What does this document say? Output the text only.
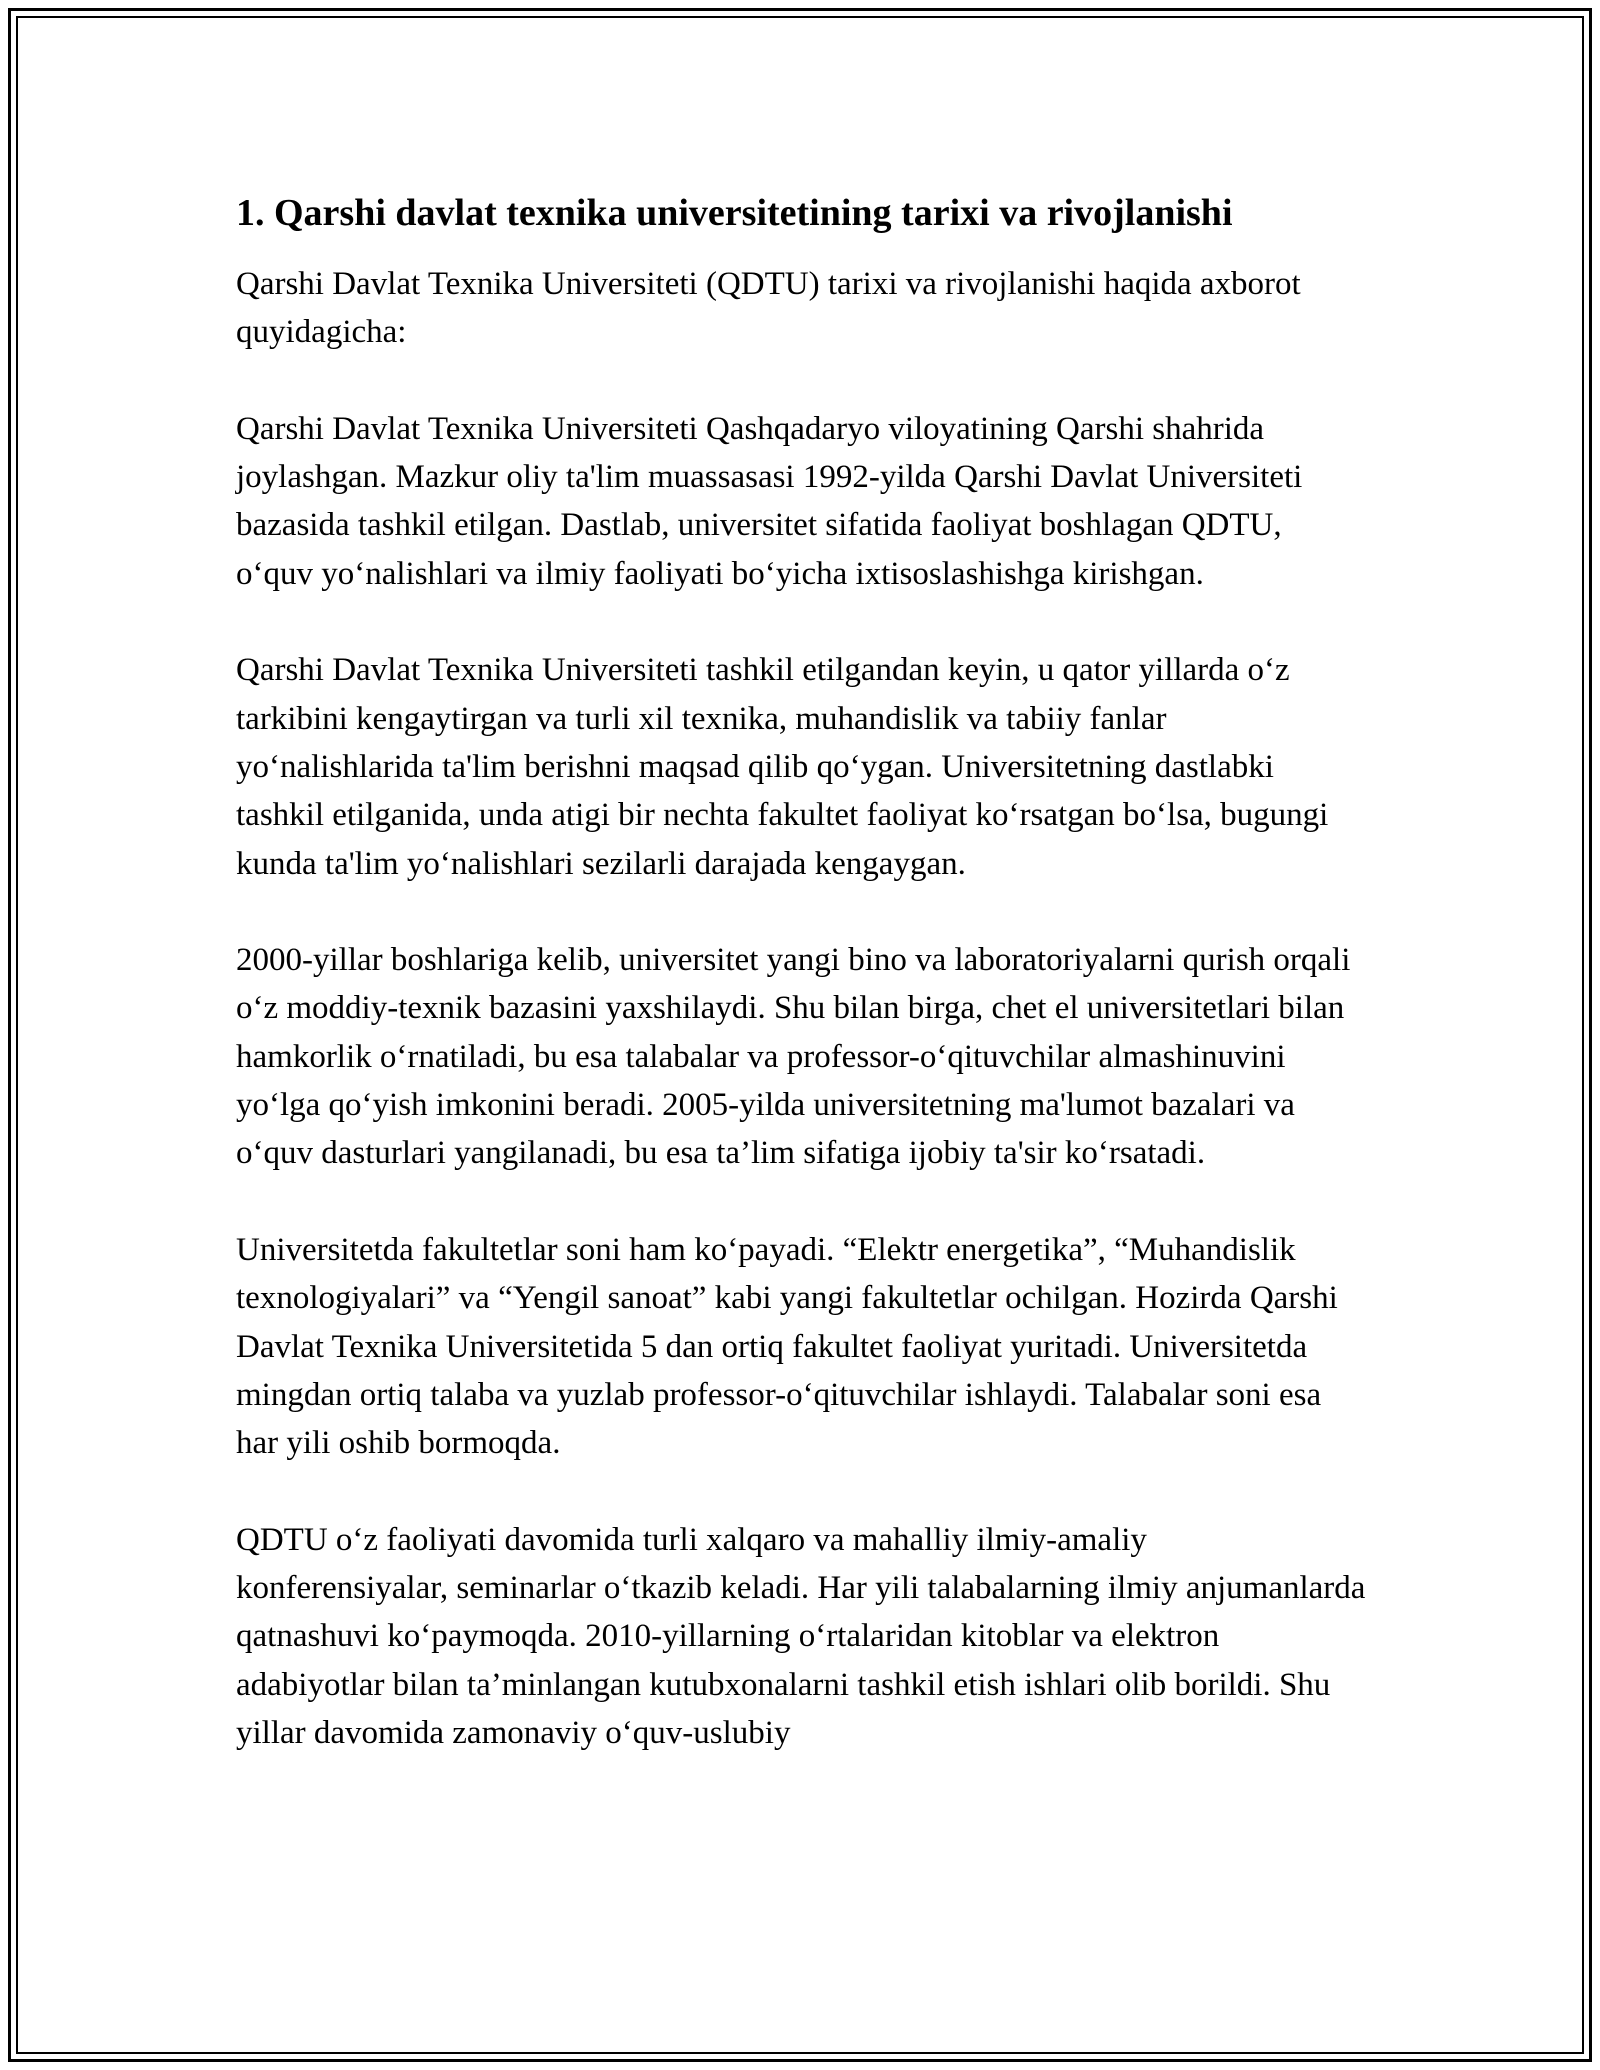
1. Qarshi davlat texnika universitetining tarixi va rivojlanishi

Qarshi Davlat Texnika Universiteti (QDTU) tarixi va rivojlanishi haqida axborot quyidagicha:

Qarshi Davlat Texnika Universiteti Qashqadaryo viloyatining Qarshi shahrida joylashgan. Mazkur oliy ta'lim muassasasi 1992-yilda Qarshi Davlat Universiteti bazasida tashkil etilgan. Dastlab, universitet sifatida faoliyat boshlagan QDTU, oʻquv yoʻnalishlari va ilmiy faoliyati boʻyicha ixtisoslashishga kirishgan.

Qarshi Davlat Texnika Universiteti tashkil etilgandan keyin, u qator yillarda oʻz tarkibini kengaytirgan va turli xil texnika, muhandislik va tabiiy fanlar yoʻnalishlarida ta'lim berishni maqsad qilib qoʻygan. Universitetning dastlabki tashkil etilganida, unda atigi bir nechta fakultet faoliyat koʻrsatgan boʻlsa, bugungi kunda ta'lim yoʻnalishlari sezilarli darajada kengaygan.

2000-yillar boshlariga kelib, universitet yangi bino va laboratoriyalarni qurish orqali oʻz moddiy-texnik bazasini yaxshilaydi. Shu bilan birga, chet el universitetlari bilan hamkorlik oʻrnatiladi, bu esa talabalar va professor-oʻqituvchilar almashinuvini yoʻlga qoʻyish imkonini beradi. 2005-yilda universitetning ma'lumot bazalari va oʻquv dasturlari yangilanadi, bu esa ta’lim sifatiga ijobiy ta'sir koʻrsatadi.

Universitetda fakultetlar soni ham koʻpayadi. “Elektr energetika”, “Muhandislik texnologiyalari” va “Yengil sanoat” kabi yangi fakultetlar ochilgan. Hozirda Qarshi Davlat Texnika Universitetida 5 dan ortiq fakultet faoliyat yuritadi. Universitetda mingdan ortiq talaba va yuzlab professor-oʻqituvchilar ishlaydi. Talabalar soni esa har yili oshib bormoqda.

QDTU oʻz faoliyati davomida turli xalqaro va mahalliy ilmiy-amaliy konferensiyalar, seminarlar oʻtkazib keladi. Har yili talabalarning ilmiy anjumanlarda qatnashuvi koʻpaymoqda. 2010-yillarning oʻrtalaridan kitoblar va elektron adabiyotlar bilan ta’minlangan kutubxonalarni tashkil etish ishlari olib borildi. Shu yillar davomida zamonaviy oʻquv-uslubiy
